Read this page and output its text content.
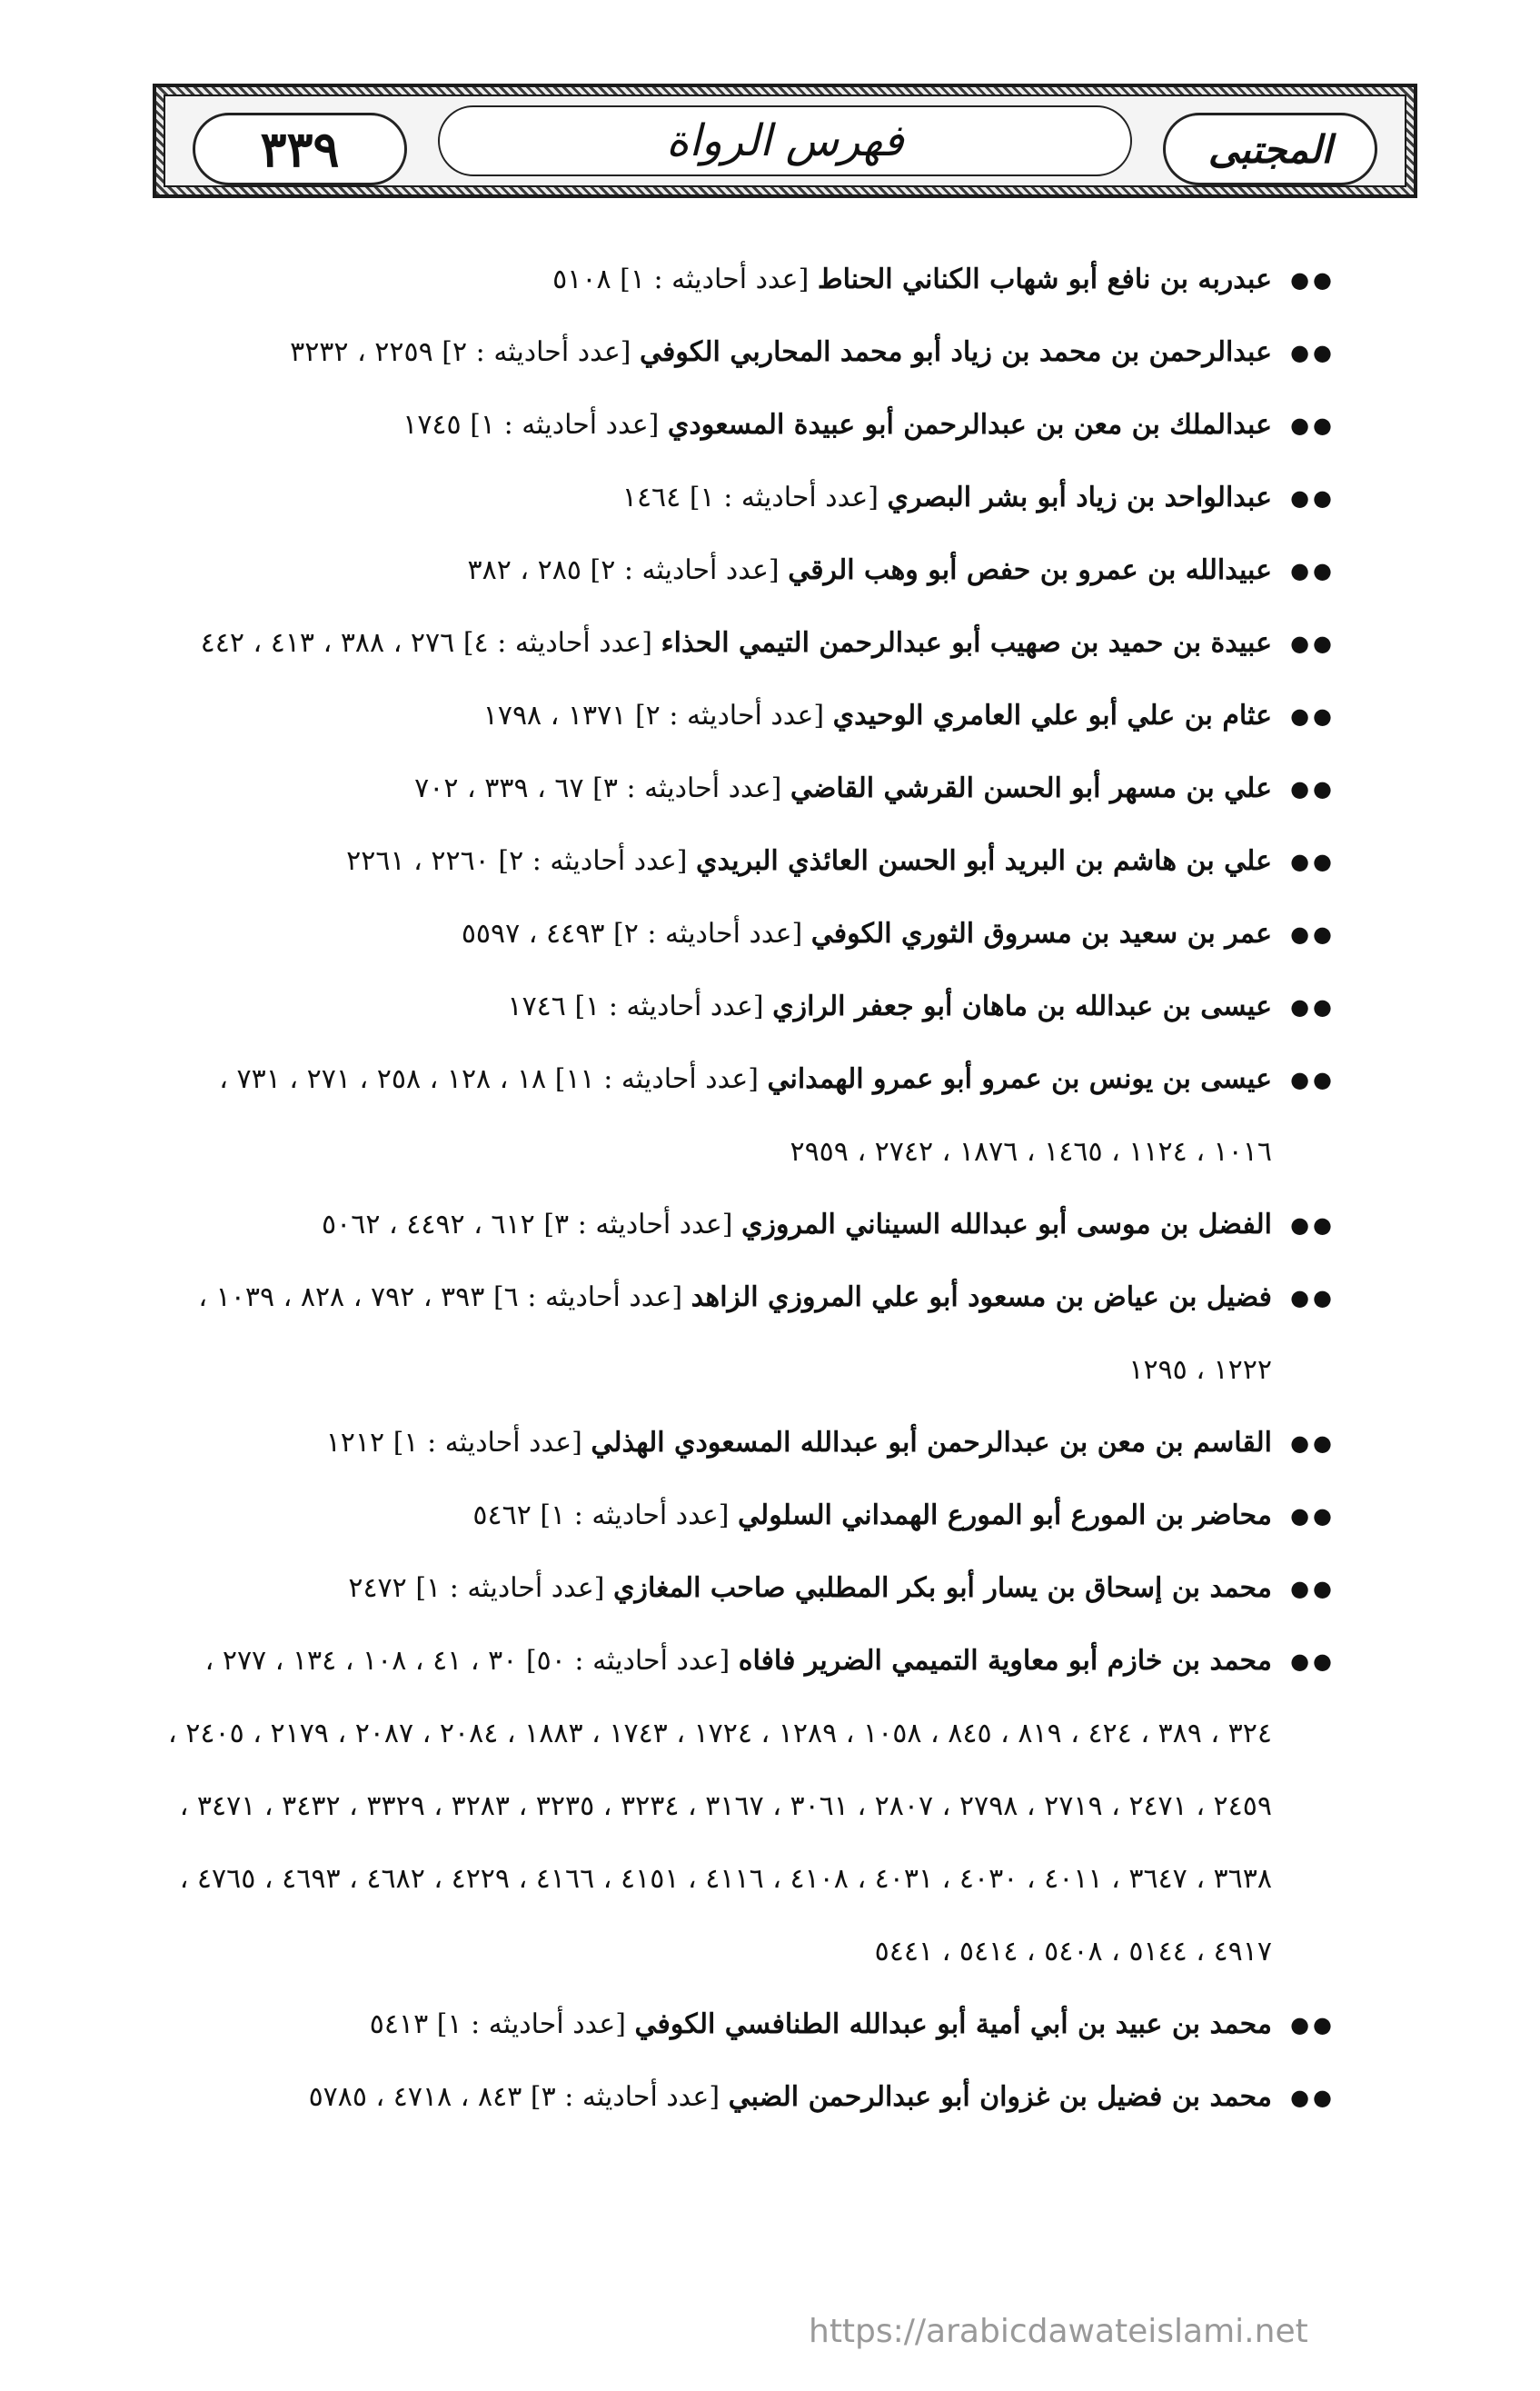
٣٣٩	فهرس الرواة	المجتبى
●●
عبدربه بن نافع أبو شهاب الكناني الحناط [عدد أحاديثه : ١] ٥١٠٨
●●
عبدالرحمن بن محمد بن زياد أبو محمد المحاربي الكوفي [عدد أحاديثه : ٢] ٢٢٥٩ ، ٣٢٣٢
●●
عبدالملك بن معن بن عبدالرحمن أبو عبيدة المسعودي [عدد أحاديثه : ١] ١٧٤٥
●●
عبدالواحد بن زياد أبو بشر البصري [عدد أحاديثه : ١] ١٤٦٤
●●
عبيدالله بن عمرو بن حفص أبو وهب الرقي [عدد أحاديثه : ٢] ٢٨٥ ، ٣٨٢
●●
عبيدة بن حميد بن صهيب أبو عبدالرحمن التيمي الحذاء [عدد أحاديثه : ٤] ٢٧٦ ، ٣٨٨ ، ٤١٣ ، ٤٤٢
●●
عثام بن علي أبو علي العامري الوحيدي [عدد أحاديثه : ٢] ١٣٧١ ، ١٧٩٨
●●
علي بن مسهر أبو الحسن القرشي القاضي [عدد أحاديثه : ٣] ٦٧ ، ٣٣٩ ، ٧٠٢
●●
علي بن هاشم بن البريد أبو الحسن العائذي البريدي [عدد أحاديثه : ٢] ٢٢٦٠ ، ٢٢٦١
●●
عمر بن سعيد بن مسروق الثوري الكوفي [عدد أحاديثه : ٢] ٤٤٩٣ ، ٥٥٩٧
●●
عيسى بن عبدالله بن ماهان أبو جعفر الرازي [عدد أحاديثه : ١] ١٧٤٦
●●
عيسى بن يونس بن عمرو أبو عمرو الهمداني [عدد أحاديثه : ١١] ١٨ ، ١٢٨ ، ٢٥٨ ، ٢٧١ ، ٧٣١ ، ١٠١٦ ، ١١٢٤ ، ١٤٦٥ ، ١٨٧٦ ، ٢٧٤٢ ، ٢٩٥٩
●●
الفضل بن موسى أبو عبدالله السيناني المروزي [عدد أحاديثه : ٣] ٦١٢ ، ٤٤٩٢ ، ٥٠٦٢
●●
فضيل بن عياض بن مسعود أبو علي المروزي الزاهد [عدد أحاديثه : ٦] ٣٩٣ ، ٧٩٢ ، ٨٢٨ ، ١٠٣٩ ، ١٢٢٢ ، ١٢٩٥
●●
القاسم بن معن بن عبدالرحمن أبو عبدالله المسعودي الهذلي [عدد أحاديثه : ١] ١٢١٢
●●
محاضر بن المورع أبو المورع الهمداني السلولي [عدد أحاديثه : ١] ٥٤٦٢
●●
محمد بن إسحاق بن يسار أبو بكر المطلبي صاحب المغازي [عدد أحاديثه : ١] ٢٤٧٢
●●
محمد بن خازم أبو معاوية التميمي الضرير فافاه [عدد أحاديثه : ٥٠] ٣٠ ، ٤١ ، ١٠٨ ، ١٣٤ ، ٢٧٧ ، ٣٢٤ ، ٣٨٩ ، ٤٢٤ ، ٨١٩ ، ٨٤٥ ، ١٠٥٨ ، ١٢٨٩ ، ١٧٢٤ ، ١٧٤٣ ، ١٨٨٣ ، ٢٠٨٤ ، ٢٠٨٧ ، ٢١٧٩ ، ٢٤٠٥ ، ٢٤٥٩ ، ٢٤٧١ ، ٢٧١٩ ، ٢٧٩٨ ، ٢٨٠٧ ، ٣٠٦١ ، ٣١٦٧ ، ٣٢٣٤ ، ٣٢٣٥ ، ٣٢٨٣ ، ٣٣٢٩ ، ٣٤٣٢ ، ٣٤٧١ ، ٣٦٣٨ ، ٣٦٤٧ ، ٤٠١١ ، ٤٠٣٠ ، ٤٠٣١ ، ٤١٠٨ ، ٤١١٦ ، ٤١٥١ ، ٤١٦٦ ، ٤٢٢٩ ، ٤٦٨٢ ، ٤٦٩٣ ، ٤٧٦٥ ، ٤٩١٧ ، ٥١٤٤ ، ٥٤٠٨ ، ٥٤١٤ ، ٥٤٤١
●●
محمد بن عبيد بن أبي أمية أبو عبدالله الطنافسي الكوفي [عدد أحاديثه : ١] ٥٤١٣
●●
محمد بن فضيل بن غزوان أبو عبدالرحمن الضبي [عدد أحاديثه : ٣] ٨٤٣ ، ٤٧١٨ ، ٥٧٨٥
https://arabicdawateislami.net
